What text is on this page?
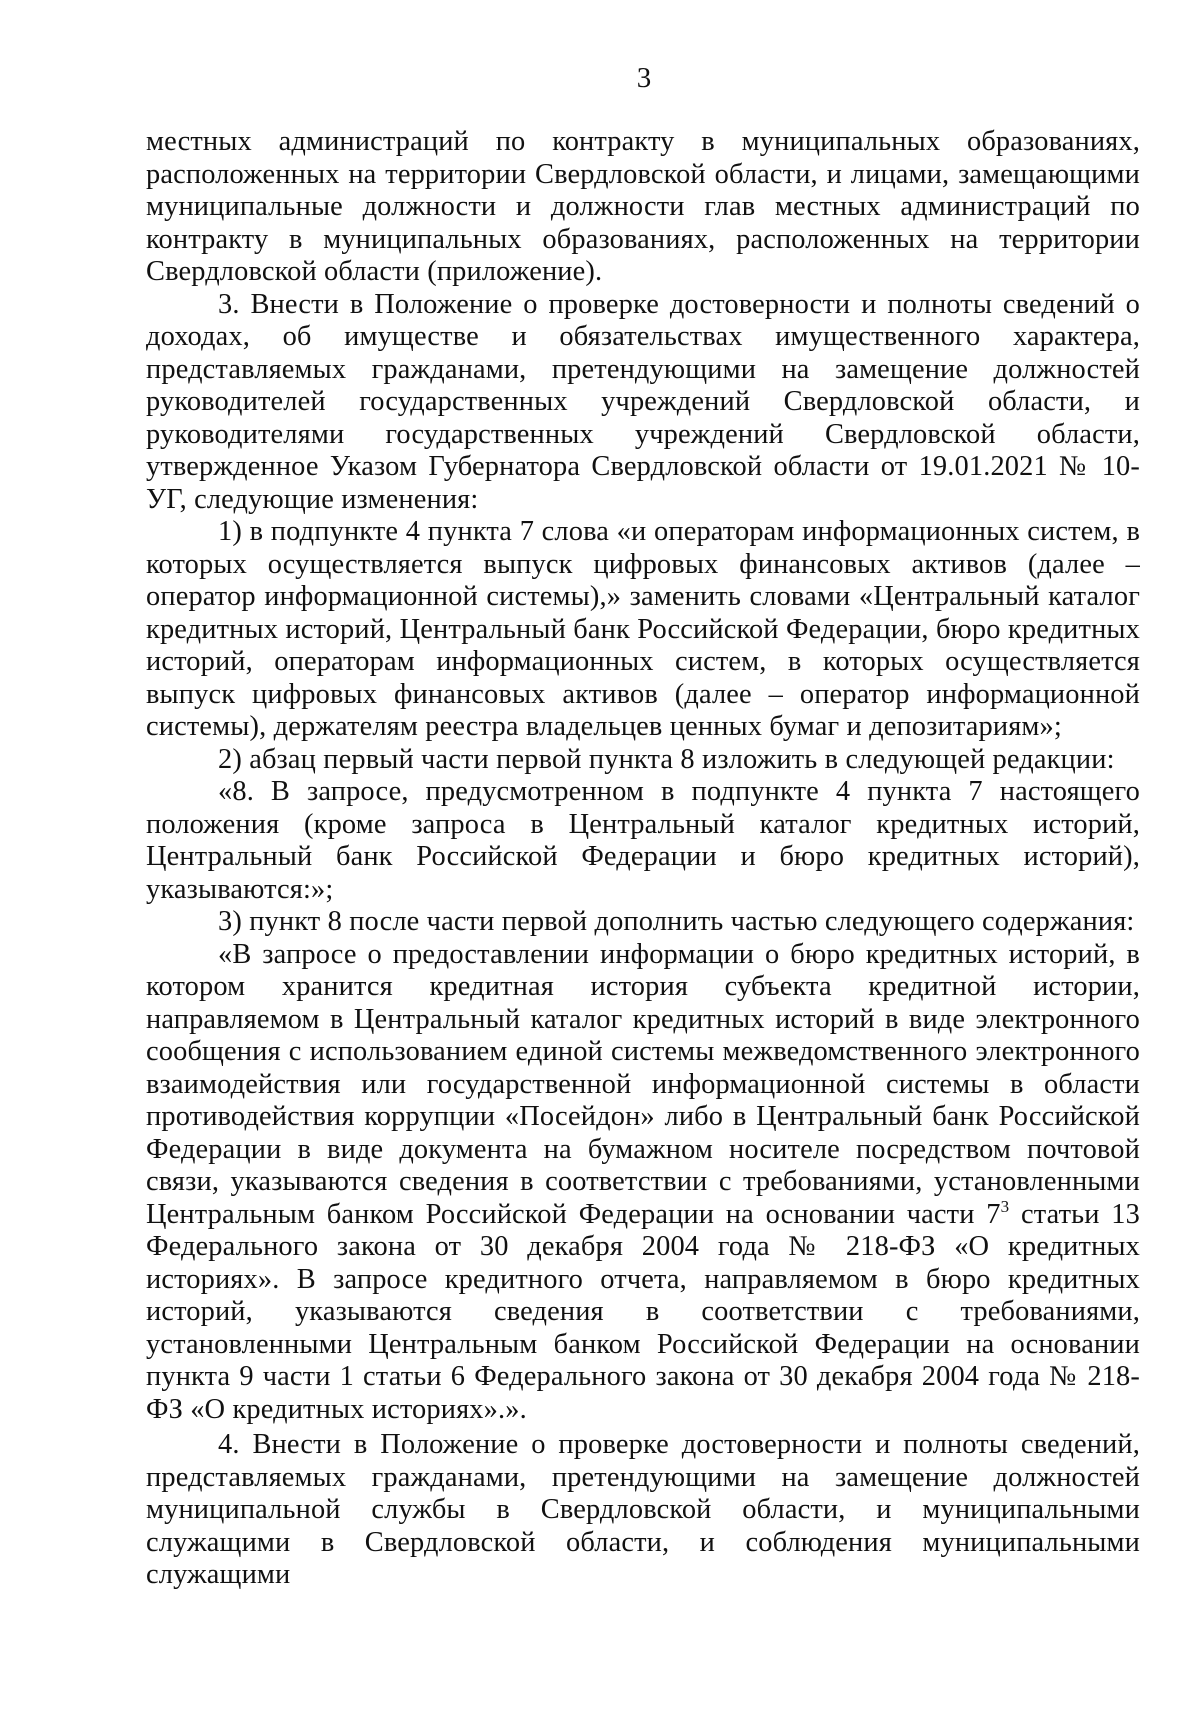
3

местных администраций по контракту в муниципальных образованиях, расположенных на территории Свердловской области, и лицами, замещающими муниципальные должности и должности глав местных администраций по контракту в муниципальных образованиях, расположенных на территории Свердловской области (приложение).

3. Внести в Положение о проверке достоверности и полноты сведений о доходах, об имуществе и обязательствах имущественного характера, представляемых гражданами, претендующими на замещение должностей руководителей государственных учреждений Свердловской области, и руководителями государственных учреждений Свердловской области, утвержденное Указом Губернатора Свердловской области от 19.01.2021 № 10-УГ, следующие изменения:

1) в подпункте 4 пункта 7 слова «и операторам информационных систем, в которых осуществляется выпуск цифровых финансовых активов (далее – оператор информационной системы),» заменить словами «Центральный каталог кредитных историй, Центральный банк Российской Федерации, бюро кредитных историй, операторам информационных систем, в которых осуществляется выпуск цифровых финансовых активов (далее – оператор информационной системы), держателям реестра владельцев ценных бумаг и депозитариям»;

2) абзац первый части первой пункта 8 изложить в следующей редакции:

«8. В запросе, предусмотренном в подпункте 4 пункта 7 настоящего положения (кроме запроса в Центральный каталог кредитных историй, Центральный банк Российской Федерации и бюро кредитных историй), указываются:»;

3) пункт 8 после части первой дополнить частью следующего содержания:

«В запросе о предоставлении информации о бюро кредитных историй, в котором хранится кредитная история субъекта кредитной истории, направляемом в Центральный каталог кредитных историй в виде электронного сообщения с использованием единой системы межведомственного электронного взаимодействия или государственной информационной системы в области противодействия коррупции «Посейдон» либо в Центральный банк Российской Федерации в виде документа на бумажном носителе посредством почтовой связи, указываются сведения в соответствии с требованиями, установленными Центральным банком Российской Федерации на основании части $7^3$ статьи 13 Федерального закона от 30 декабря 2004 года № 218-ФЗ «О кредитных историях». В запросе кредитного отчета, направляемом в бюро кредитных историй, указываются сведения в соответствии с требованиями, установленными Центральным банком Российской Федерации на основании пункта 9 части 1 статьи 6 Федерального закона от 30 декабря 2004 года № 218-ФЗ «О кредитных историях».».

4. Внести в Положение о проверке достоверности и полноты сведений, представляемых гражданами, претендующими на замещение должностей муниципальной службы в Свердловской области, и муниципальными служащими в Свердловской области, и соблюдения муниципальными служащими
